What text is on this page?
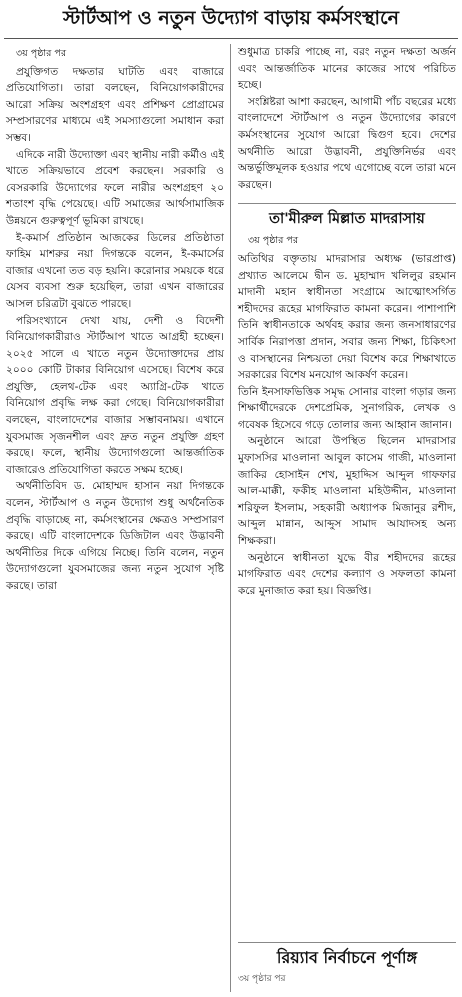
স্টার্টআপ ও নতুন উদ্যোগ বাড়ায় কর্মসংস্থানে

৩য় পৃষ্ঠার পর

প্রযুক্তিগত দক্ষতার ঘাটতি এবং বাজারে প্রতিযোগিতা। তারা বলছেন, বিনিয়োগকারীদের আরো সক্রিয় অংশগ্রহণ এবং প্রশিক্ষণ প্রোগ্রামের সম্প্রসারণের মাধ্যমে এই সমস্যাগুলো সমাধান করা সম্ভব।

এদিকে নারী উদ্যোক্তা এবং স্থানীয় নারী কর্মীও এই খাতে সক্রিয়ভাবে প্রবেশ করছেন। সরকারি ও বেসরকারি উদ্যোগের ফলে নারীর অংশগ্রহণ ২০ শতাংশ বৃদ্ধি পেয়েছে। এটি সমাজের আর্থসামাজিক উন্নয়নে গুরুত্বপূর্ণ ভূমিকা রাখছে।

ই-কমার্স প্রতিষ্ঠান আজকের ডিলের প্রতিষ্ঠাতা ফাহিম মাশরুর নয়া দিগন্তকে বলেন, ই-কমার্সের বাজার এখনো তত বড় হয়নি। করোনার সময়কে ধরে যেসব ব্যবসা শুরু হয়েছিল, তারা এখন বাজারের আসল চরিত্রটা বুঝতে পারছে।

পরিসংখ্যানে দেখা যায়, দেশী ও বিদেশী বিনিয়োগকারীরাও স্টার্টআপ খাতে আগ্রহী হচ্ছেন। ২০২৫ সালে এ খাতে নতুন উদ্যোক্তাদের প্রায় ২০০০ কোটি টাকার বিনিয়োগ এসেছে। বিশেষ করে প্রযুক্তি, হেলথ-টেক এবং অ্যাগ্রি-টেক খাতে বিনিয়োগ প্রবৃদ্ধি লক্ষ করা গেছে। বিনিয়োগকারীরা বলছেন, বাংলাদেশের বাজার সম্ভাবনাময়। এখানে যুবসমাজ সৃজনশীল এবং দ্রুত নতুন প্রযুক্তি গ্রহণ করছে। ফলে, স্থানীয় উদ্যোগগুলো আন্তর্জাতিক বাজারেও প্রতিযোগিতা করতে সক্ষম হচ্ছে।

অর্থনীতিবিদ ড. মোহাম্মদ হাসান নয়া দিগন্তকে বলেন, স্টার্টআপ ও নতুন উদ্যোগ শুধু অর্থনৈতিক প্রবৃদ্ধি বাড়াচ্ছে না, কর্মসংস্থানের ক্ষেত্রও সম্প্রসারণ করছে। এটি বাংলাদেশকে ডিজিটাল এবং উদ্ভাবনী অর্থনীতির দিকে এগিয়ে নিচ্ছে। তিনি বলেন, নতুন উদ্যোগগুলো যুবসমাজের জন্য নতুন সুযোগ সৃষ্টি করছে। তারা

শুধুমাত্র চাকরি পাচ্ছে না, বরং নতুন দক্ষতা অর্জন এবং আন্তর্জাতিক মানের কাজের সাথে পরিচিত হচ্ছে।

সংশ্লিষ্টরা আশা করছেন, আগামী পাঁচ বছরের মধ্যে বাংলাদেশে স্টার্টআপ ও নতুন উদ্যোগের কারণে কর্মসংস্থানের সুযোগ আরো দ্বিগুণ হবে। দেশের অর্থনীতি আরো উদ্ভাবনী, প্রযুক্তিনির্ভর এবং অন্তর্ভুক্তিমূলক হওয়ার পথে এগোচ্ছে বলে তারা মনে করছেন।

তা'মীরুল মিল্লাত মাদরাসায়

৩য় পৃষ্ঠার পর

অতিথির বক্তৃতায় মাদরাসার অধ্যক্ষ (ভারপ্রাপ্ত) প্রখ্যাত আলেমে দ্বীন ড. মুহাম্মাদ খলিলুর রহমান মাদানী মহান স্বাধীনতা সংগ্রামে আত্মোৎসর্গিত শহীদদের রূহের মাগফিরাত কামনা করেন। পাশাপাশি তিনি স্বাধীনতাকে অর্থবহ করার জন্য জনসাধারণের সার্বিক নিরাপত্তা প্রদান, সবার জন্য শিক্ষা, চিকিৎসা ও বাসস্থানের নিশ্চয়তা দেয়া বিশেষ করে শিক্ষাখাতে সরকারের বিশেষ মনযোগ আকর্ষণ করেন।

তিনি ইনসাফভিত্তিক সমৃদ্ধ সোনার বাংলা গড়ার জন্য শিক্ষার্থীদেরকে দেশপ্রেমিক, সুনাগরিক, লেখক ও গবেষক হিসেবে গড়ে তোলার জন্য আহ্বান জানান।

অনুষ্ঠানে আরো উপস্থিত ছিলেন মাদরাসার মুফাসসির মাওলানা আবুল কাসেম গাজী, মাওলানা জাকির হোসাইন শেখ, মুহাদ্দিস আব্দুল গাফফার আল-মাক্কী, ফকীহ মাওলানা মহিউদ্দীন, মাওলানা শরিফুল ইসলাম, সহকারী অধ্যাপক মিজানুর রশীদ, আব্দুল মান্নান, আব্দুস সামাদ আযাদসহ অন্য শিক্ষকরা।

অনুষ্ঠানে স্বাধীনতা যুদ্ধে বীর শহীদদের রূহের মাগফিরাত এবং দেশের কল্যাণ ও সফলতা কামনা করে মুনাজাত করা হয়। বিজ্ঞপ্তি।

রিয়্যাব নির্বাচনে পূর্ণাঙ্গ
৩য় পৃষ্ঠার পর
